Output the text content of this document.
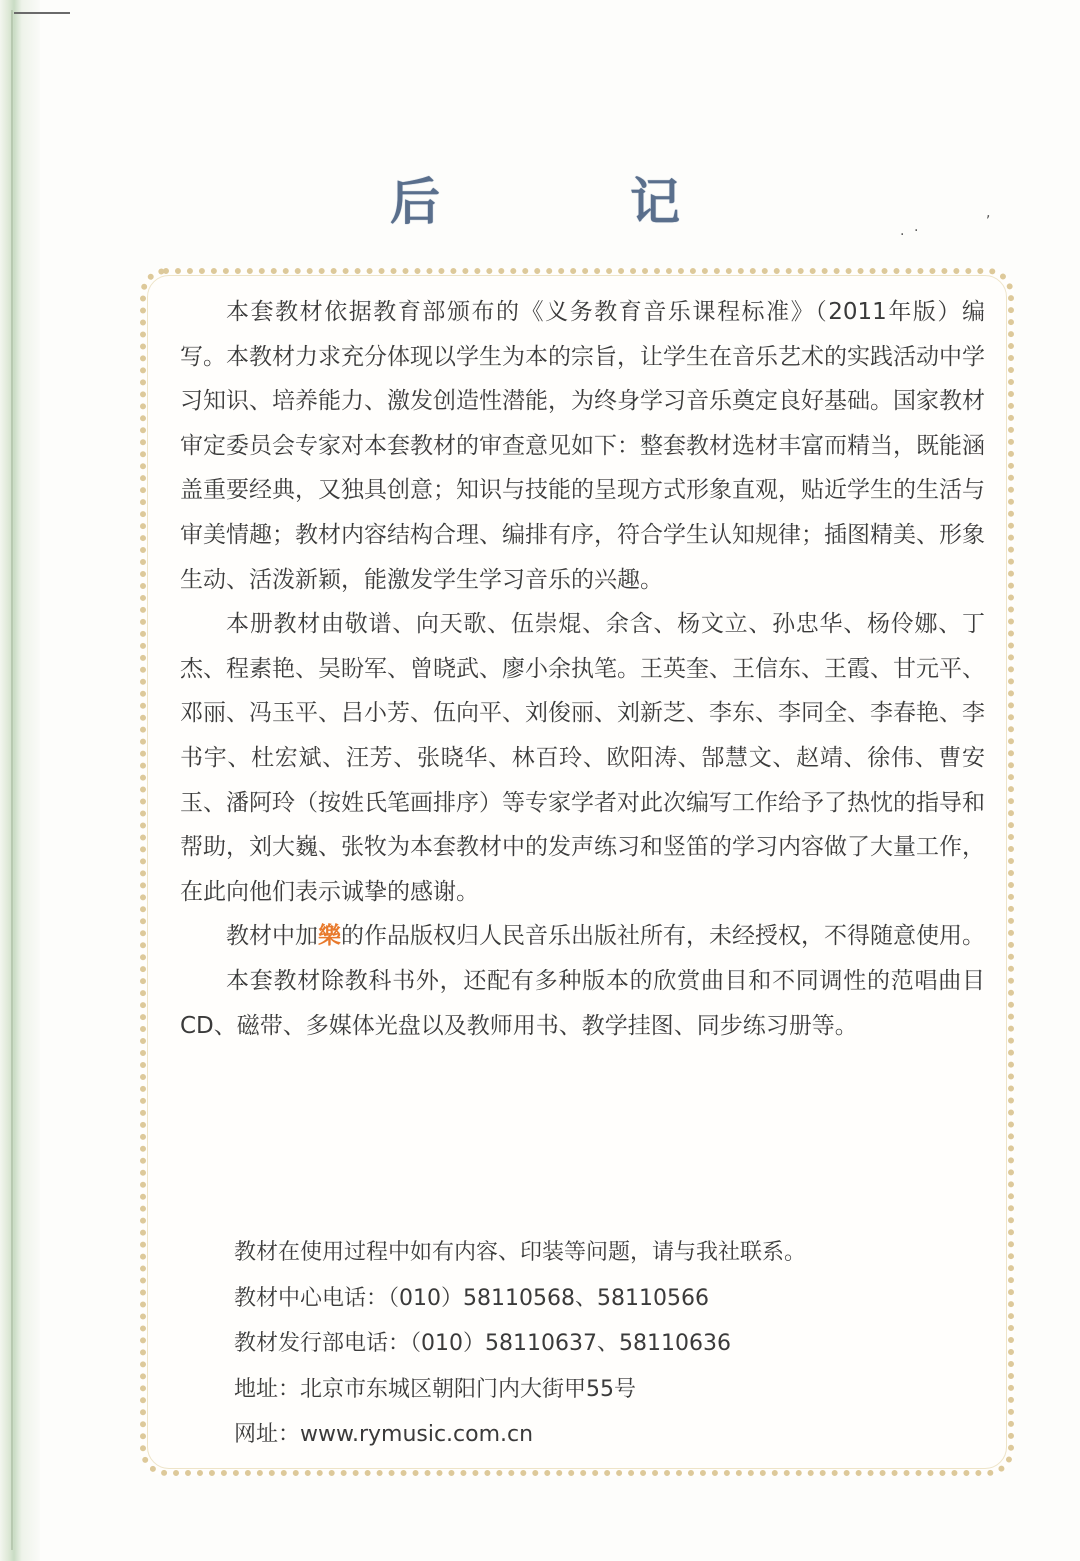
· ·
,
后　记

本套教材依据教育部颁布的《义务教育音乐课程标准》（2011年版）编写。本教材力求充分体现以学生为本的宗旨，让学生在音乐艺术的实践活动中学习知识、培养能力、激发创造性潜能，为终身学习音乐奠定良好基础。国家教材审定委员会专家对本套教材的审查意见如下：整套教材选材丰富而精当，既能涵盖重要经典，又独具创意；知识与技能的呈现方式形象直观，贴近学生的生活与审美情趣；教材内容结构合理、编排有序，符合学生认知规律；插图精美、形象生动、活泼新颖，能激发学生学习音乐的兴趣。

本册教材由敬谱、向天歌、伍崇焜、余含、杨文立、孙忠华、杨伶娜、丁杰、程素艳、吴盼军、曾晓武、廖小余执笔。王英奎、王信东、王霞、甘元平、邓丽、冯玉平、吕小芳、伍向平、刘俊丽、刘新芝、李东、李同全、李春艳、李书宇、杜宏斌、汪芳、张晓华、林百玲、欧阳涛、郜慧文、赵靖、徐伟、曹安玉、潘阿玲（按姓氏笔画排序）等专家学者对此次编写工作给予了热忱的指导和帮助，刘大巍、张牧为本套教材中的发声练习和竖笛的学习内容做了大量工作，在此向他们表示诚挚的感谢。

教材中加樂的作品版权归人民音乐出版社所有，未经授权，不得随意使用。

本套教材除教科书外，还配有多种版本的欣赏曲目和不同调性的范唱曲目CD、磁带、多媒体光盘以及教师用书、教学挂图、同步练习册等。

教材在使用过程中如有内容、印装等问题，请与我社联系。
教材中心电话：（010）58110568、58110566
教材发行部电话：（010）58110637、58110636
地址：北京市东城区朝阳门内大街甲55号
网址：www.rymusic.com.cn
